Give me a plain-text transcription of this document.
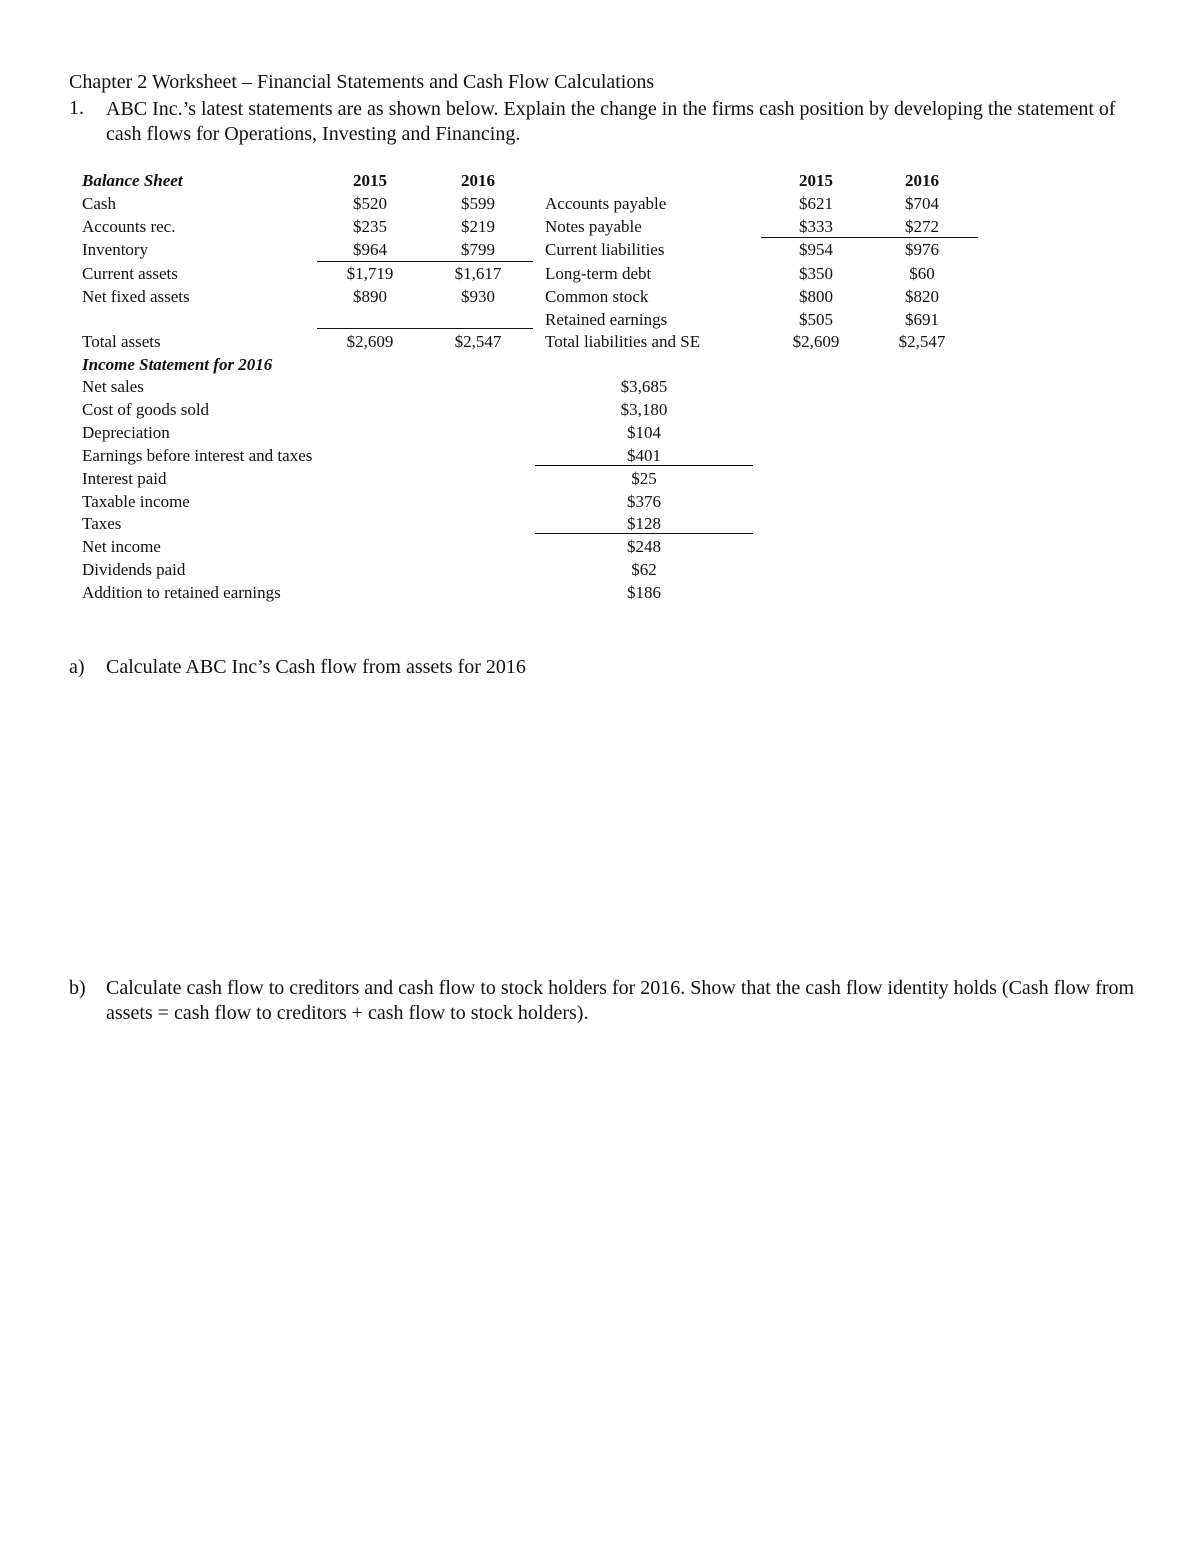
Chapter 2 Worksheet – Financial Statements and Cash Flow Calculations
1. ABC Inc.’s latest statements are as shown below. Explain the change in the firms cash position by developing the statement of cash flows for Operations, Investing and Financing.
Balance Sheet	2015	2016
Cash	$520	$599
Accounts rec.	$235	$219
Inventory	$964	$799
Current assets	$1,719	$1,617
Net fixed assets	$890	$930
Total assets	$2,609	$2,547
2015	2016
Accounts payable	$621	$704
Notes payable	$333	$272
Current liabilities	$954	$976
Long-term debt	$350	$60
Common stock	$800	$820
Retained earnings	$505	$691
Total liabilities and SE	$2,609	$2,547
Income Statement for 2016
Net sales	$3,685
Cost of goods sold	$3,180
Depreciation	$104
Earnings before interest and taxes	$401
Interest paid	$25
Taxable income	$376
Taxes	$128
Net income	$248
Dividends paid	$62
Addition to retained earnings	$186
a) Calculate ABC Inc’s Cash flow from assets for 2016
b) Calculate cash flow to creditors and cash flow to stock holders for 2016. Show that the cash flow identity holds (Cash flow from assets = cash flow to creditors + cash flow to stock holders).
